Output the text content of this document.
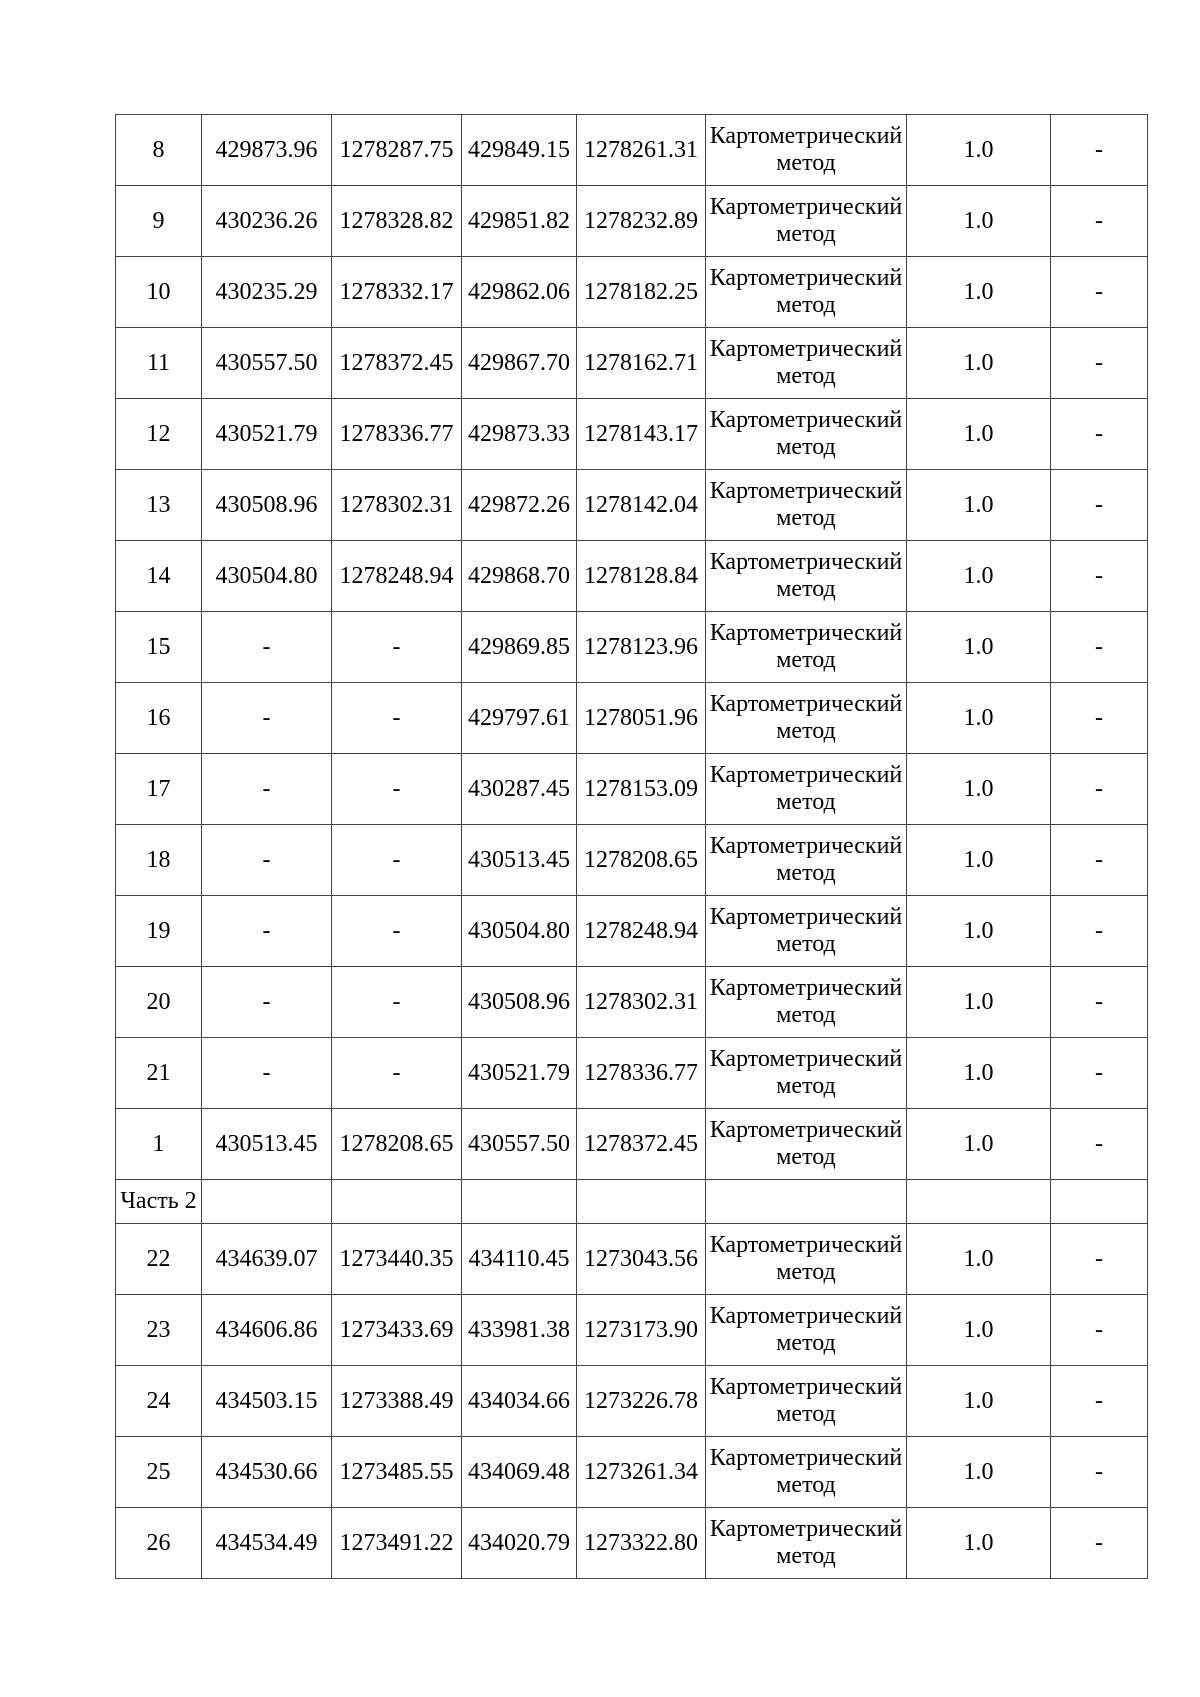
8	429873.96	1278287.75	429849.15	1278261.31	Картометрический
метод	1.0	-
9	430236.26	1278328.82	429851.82	1278232.89	Картометрический
метод	1.0	-
10	430235.29	1278332.17	429862.06	1278182.25	Картометрический
метод	1.0	-
11	430557.50	1278372.45	429867.70	1278162.71	Картометрический
метод	1.0	-
12	430521.79	1278336.77	429873.33	1278143.17	Картометрический
метод	1.0	-
13	430508.96	1278302.31	429872.26	1278142.04	Картометрический
метод	1.0	-
14	430504.80	1278248.94	429868.70	1278128.84	Картометрический
метод	1.0	-
15	-	-	429869.85	1278123.96	Картометрический
метод	1.0	-
16	-	-	429797.61	1278051.96	Картометрический
метод	1.0	-
17	-	-	430287.45	1278153.09	Картометрический
метод	1.0	-
18	-	-	430513.45	1278208.65	Картометрический
метод	1.0	-
19	-	-	430504.80	1278248.94	Картометрический
метод	1.0	-
20	-	-	430508.96	1278302.31	Картометрический
метод	1.0	-
21	-	-	430521.79	1278336.77	Картометрический
метод	1.0	-
1	430513.45	1278208.65	430557.50	1278372.45	Картометрический
метод	1.0	-
Часть 2							
22	434639.07	1273440.35	434110.45	1273043.56	Картометрический
метод	1.0	-
23	434606.86	1273433.69	433981.38	1273173.90	Картометрический
метод	1.0	-
24	434503.15	1273388.49	434034.66	1273226.78	Картометрический
метод	1.0	-
25	434530.66	1273485.55	434069.48	1273261.34	Картометрический
метод	1.0	-
26	434534.49	1273491.22	434020.79	1273322.80	Картометрический
метод	1.0	-
